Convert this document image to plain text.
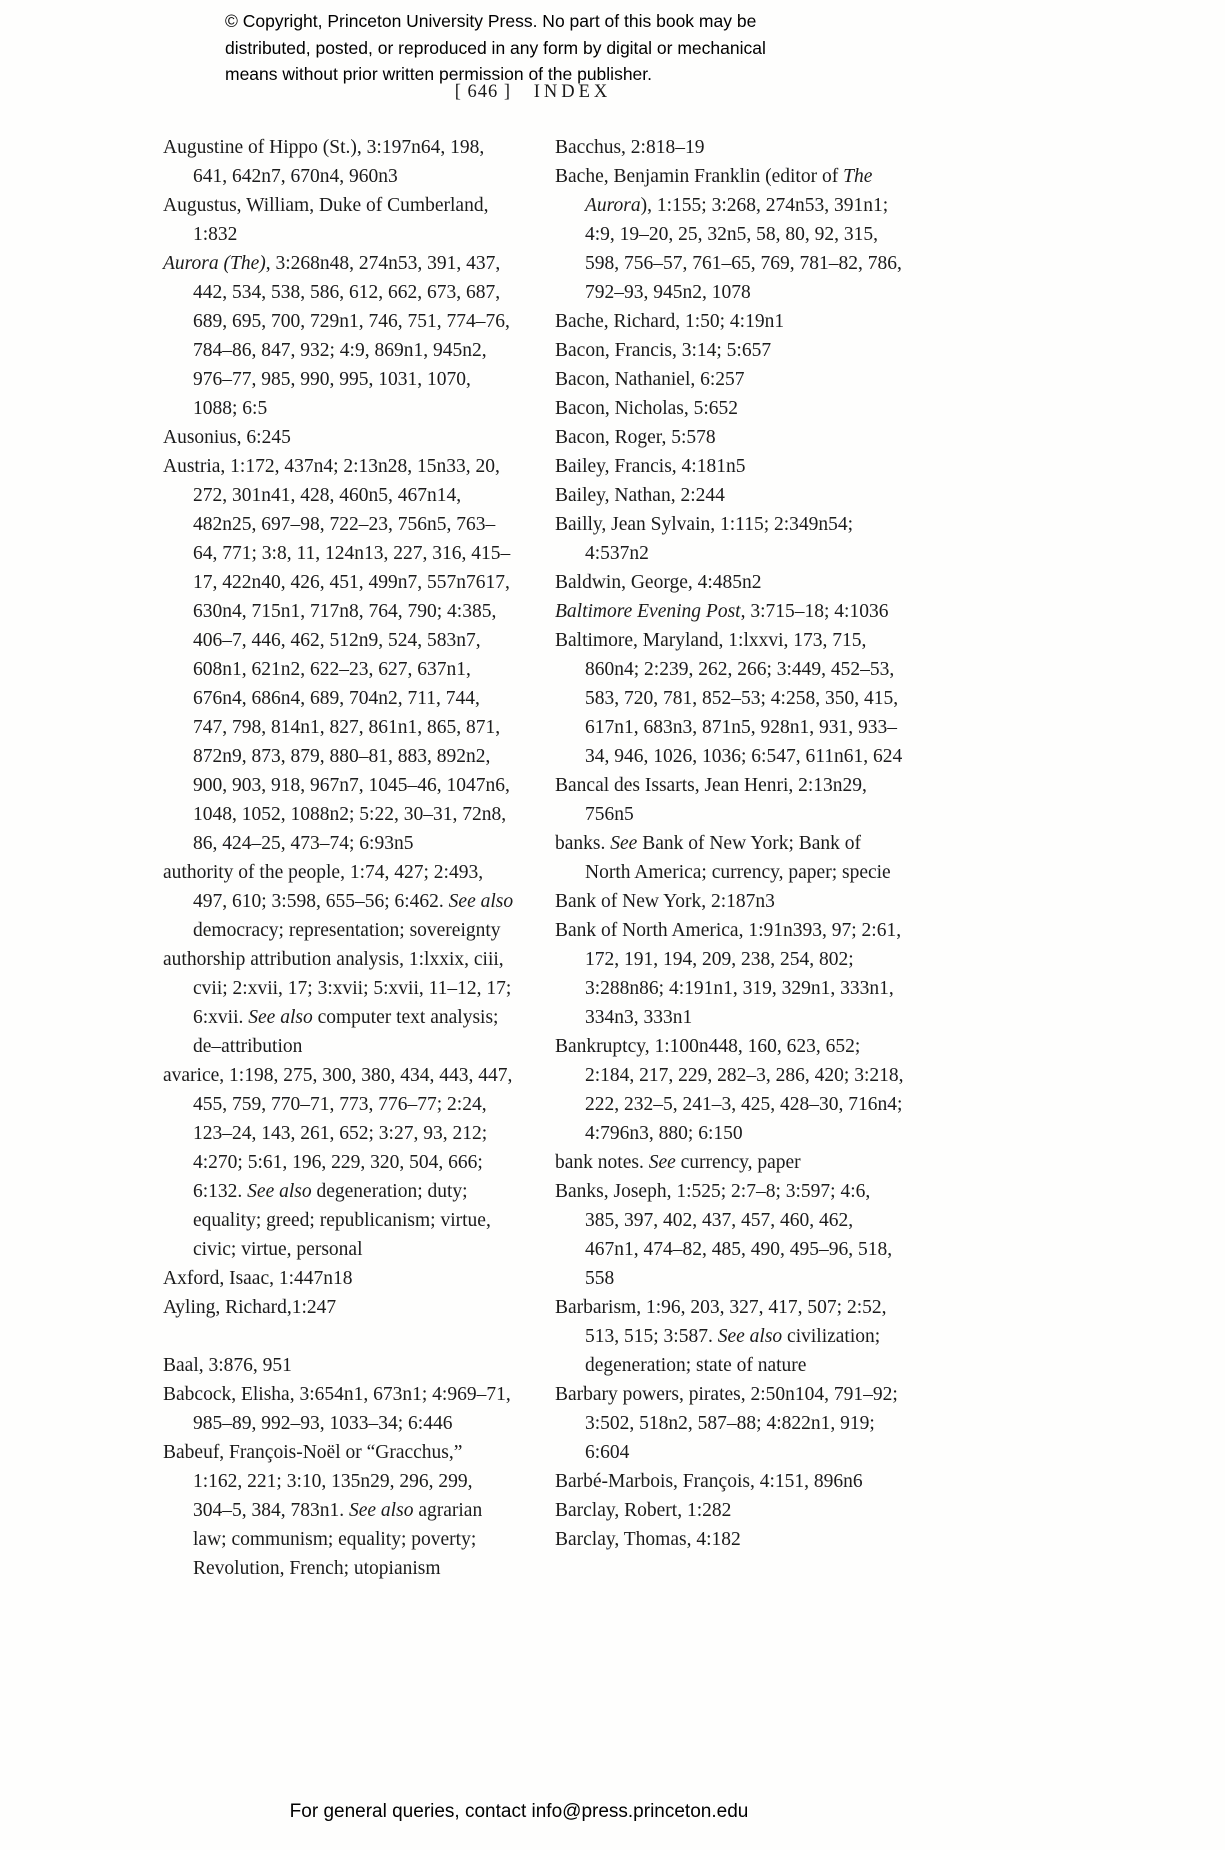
© Copyright, Princeton University Press. No part of this book may be
distributed, posted, or reproduced in any form by digital or mechanical
means without prior written permission of the publisher.
[ 646 ] INDEX
Augustine of Hippo (St.), 3:197n64, 198, 641, 642n7, 670n4, 960n3
Augustus, William, Duke of Cumberland, 1:832
Aurora (The), 3:268n48, 274n53, 391, 437, 442, 534, 538, 586, 612, 662, 673, 687, 689, 695, 700, 729n1, 746, 751, 774–76, 784–86, 847, 932; 4:9, 869n1, 945n2, 976–77, 985, 990, 995, 1031, 1070, 1088; 6:5
Ausonius, 6:245
Austria, 1:172, 437n4; 2:13n28, 15n33, 20, 272, 301n41, 428, 460n5, 467n14, 482n25, 697–98, 722–23, 756n5, 763–64, 771; 3:8, 11, 124n13, 227, 316, 415–17, 422n40, 426, 451, 499n7, 557n7617, 630n4, 715n1, 717n8, 764, 790; 4:385, 406–7, 446, 462, 512n9, 524, 583n7, 608n1, 621n2, 622–23, 627, 637n1, 676n4, 686n4, 689, 704n2, 711, 744, 747, 798, 814n1, 827, 861n1, 865, 871, 872n9, 873, 879, 880–81, 883, 892n2, 900, 903, 918, 967n7, 1045–46, 1047n6, 1048, 1052, 1088n2; 5:22, 30–31, 72n8, 86, 424–25, 473–74; 6:93n5
authority of the people, 1:74, 427; 2:493, 497, 610; 3:598, 655–56; 6:462. See also democracy; representation; sovereignty
authorship attribution analysis, 1:lxxix, ciii, cvii; 2:xvii, 17; 3:xvii; 5:xvii, 11–12, 17; 6:xvii. See also computer text analysis; de–attribution
avarice, 1:198, 275, 300, 380, 434, 443, 447, 455, 759, 770–71, 773, 776–77; 2:24, 123–24, 143, 261, 652; 3:27, 93, 212; 4:270; 5:61, 196, 229, 320, 504, 666; 6:132. See also degeneration; duty; equality; greed; republicanism; virtue, civic; virtue, personal
Axford, Isaac, 1:447n18
Ayling, Richard,1:247
Baal, 3:876, 951
Babcock, Elisha, 3:654n1, 673n1; 4:969–71, 985–89, 992–93, 1033–34; 6:446
Babeuf, François-Noël or “Gracchus,” 1:162, 221; 3:10, 135n29, 296, 299, 304–5, 384, 783n1. See also agrarian law; communism; equality; poverty; Revolution, French; utopianism
Bacchus, 2:818–19
Bache, Benjamin Franklin (editor of The Aurora), 1:155; 3:268, 274n53, 391n1; 4:9, 19–20, 25, 32n5, 58, 80, 92, 315, 598, 756–57, 761–65, 769, 781–82, 786, 792–93, 945n2, 1078
Bache, Richard, 1:50; 4:19n1
Bacon, Francis, 3:14; 5:657
Bacon, Nathaniel, 6:257
Bacon, Nicholas, 5:652
Bacon, Roger, 5:578
Bailey, Francis, 4:181n5
Bailey, Nathan, 2:244
Bailly, Jean Sylvain, 1:115; 2:349n54; 4:537n2
Baldwin, George, 4:485n2
Baltimore Evening Post, 3:715–18; 4:1036
Baltimore, Maryland, 1:lxxvi, 173, 715, 860n4; 2:239, 262, 266; 3:449, 452–53, 583, 720, 781, 852–53; 4:258, 350, 415, 617n1, 683n3, 871n5, 928n1, 931, 933–34, 946, 1026, 1036; 6:547, 611n61, 624
Bancal des Issarts, Jean Henri, 2:13n29, 756n5
banks. See Bank of New York; Bank of North America; currency, paper; specie
Bank of New York, 2:187n3
Bank of North America, 1:91n393, 97; 2:61, 172, 191, 194, 209, 238, 254, 802; 3:288n86; 4:191n1, 319, 329n1, 333n1, 334n3, 333n1
Bankruptcy, 1:100n448, 160, 623, 652; 2:184, 217, 229, 282–3, 286, 420; 3:218, 222, 232–5, 241–3, 425, 428–30, 716n4; 4:796n3, 880; 6:150
bank notes. See currency, paper
Banks, Joseph, 1:525; 2:7–8; 3:597; 4:6, 385, 397, 402, 437, 457, 460, 462, 467n1, 474–82, 485, 490, 495–96, 518, 558
Barbarism, 1:96, 203, 327, 417, 507; 2:52, 513, 515; 3:587. See also civilization; degeneration; state of nature
Barbary powers, pirates, 2:50n104, 791–92; 3:502, 518n2, 587–88; 4:822n1, 919; 6:604
Barbé-Marbois, François, 4:151, 896n6
Barclay, Robert, 1:282
Barclay, Thomas, 4:182
For general queries, contact info@press.princeton.edu
